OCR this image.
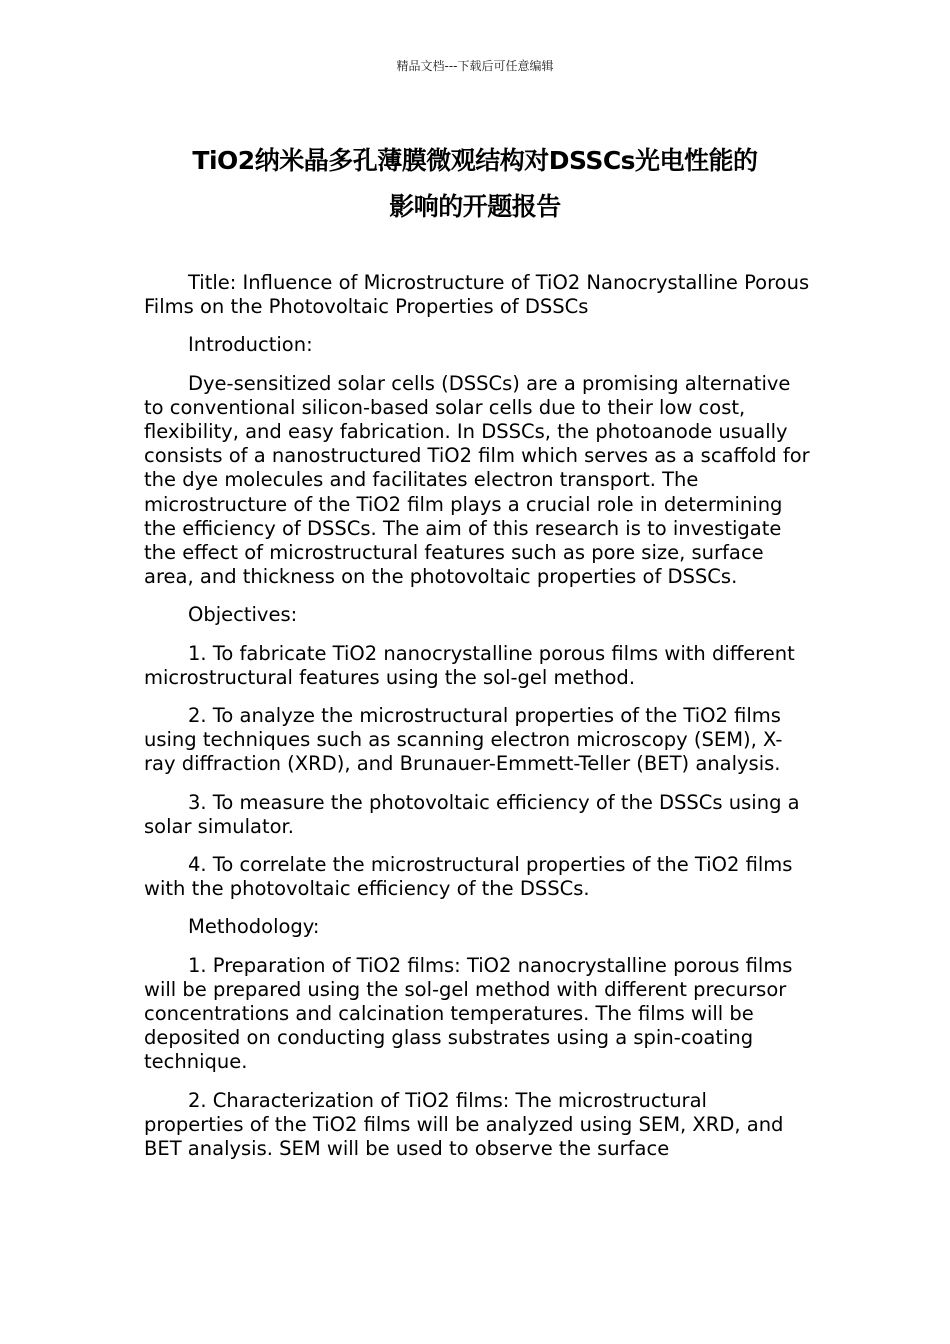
精品文档---下载后可任意编辑
TiO2纳米晶多孔薄膜微观结构对DSSCs光电性能的
影响的开题报告

Title: Influence of Microstructure of TiO2 Nanocrystalline Porous Films on the Photovoltaic Properties of DSSCs

Introduction:

Dye-sensitized solar cells (DSSCs) are a promising alternative to conventional silicon-based solar cells due to their low cost, flexibility, and easy fabrication. In DSSCs, the photoanode usually consists of a nanostructured TiO2 film which serves as a scaffold for the dye molecules and facilitates electron transport. The microstructure of the TiO2 film plays a crucial role in determining the efficiency of DSSCs. The aim of this research is to investigate the effect of microstructural features such as pore size, surface area, and thickness on the photovoltaic properties of DSSCs.

Objectives:

1. To fabricate TiO2 nanocrystalline porous films with different microstructural features using the sol-gel method.

2. To analyze the microstructural properties of the TiO2 films using techniques such as scanning electron microscopy (SEM), X-ray diffraction (XRD), and Brunauer-Emmett-Teller (BET) analysis.

3. To measure the photovoltaic efficiency of the DSSCs using a solar simulator.

4. To correlate the microstructural properties of the TiO2 films with the photovoltaic efficiency of the DSSCs.

Methodology:

1. Preparation of TiO2 films: TiO2 nanocrystalline porous films will be prepared using the sol-gel method with different precursor concentrations and calcination temperatures. The films will be deposited on conducting glass substrates using a spin-coating technique.

2. Characterization of TiO2 films: The microstructural properties of the TiO2 films will be analyzed using SEM, XRD, and BET analysis. SEM will be used to observe the surface
